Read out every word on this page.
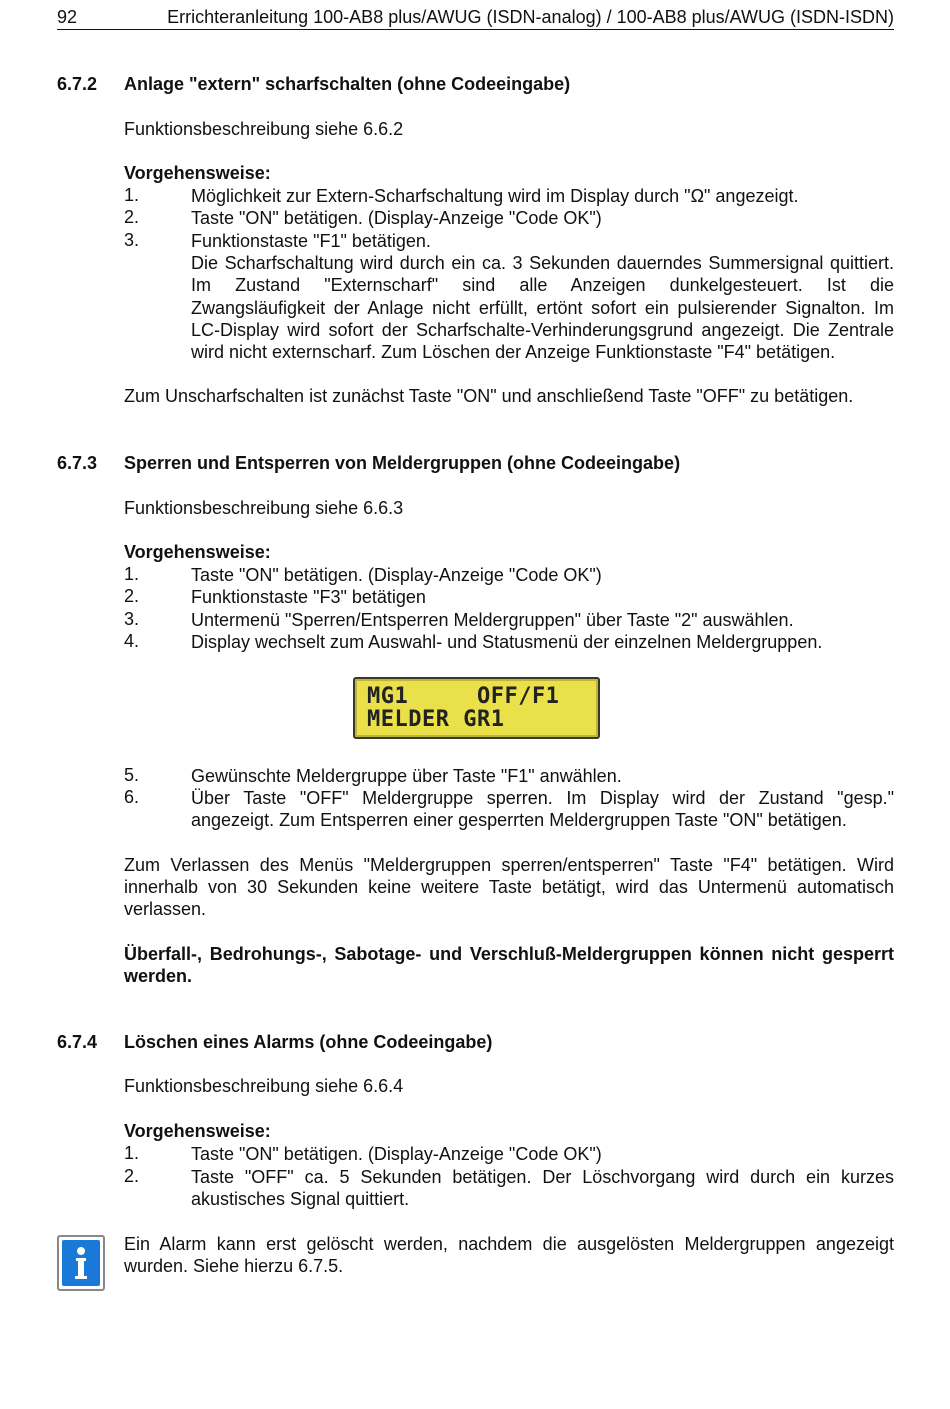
92	Errichteranleitung 100-AB8 plus/AWUG (ISDN-analog) / 100-AB8 plus/AWUG (ISDN-ISDN)
6.7.2 Anlage "extern" scharfschalten (ohne Codeeingabe)
Funktionsbeschreibung siehe 6.6.2
Vorgehensweise:
1.	Möglichkeit zur Extern-Scharfschaltung wird im Display durch "Ω" angezeigt.
2.	Taste "ON" betätigen. (Display-Anzeige "Code OK")
3.	Funktionstaste "F1" betätigen.
Die Scharfschaltung wird durch ein ca. 3 Sekunden dauerndes Summersignal quittiert.
Im Zustand "Externscharf" sind alle Anzeigen dunkelgesteuert. Ist die
Zwangsläufigkeit der Anlage nicht erfüllt, ertönt sofort ein pulsierender Signalton. Im
LC-Display wird sofort der Scharfschalte-Verhinderungsgrund angezeigt. Die Zentrale
wird nicht externscharf. Zum Löschen der Anzeige Funktionstaste "F4" betätigen.
Zum Unscharfschalten ist zunächst Taste "ON" und anschließend Taste "OFF" zu betätigen.
6.7.3 Sperren und Entsperren von Meldergruppen (ohne Codeeingabe)
Funktionsbeschreibung siehe 6.6.3
Vorgehensweise:
1.	Taste "ON" betätigen. (Display-Anzeige "Code OK")
2.	Funktionstaste "F3" betätigen
3.	Untermenü "Sperren/Entsperren Meldergruppen" über Taste "2" auswählen.
4.	Display wechselt zum Auswahl- und Statusmenü der einzelnen Meldergruppen.
MG1     OFF/F1
MELDER GR1
5.	Gewünschte Meldergruppe über Taste "F1" anwählen.
6.	Über Taste "OFF" Meldergruppe sperren. Im Display wird der Zustand "gesp."
angezeigt. Zum Entsperren einer gesperrten Meldergruppen Taste "ON" betätigen.
Zum Verlassen des Menüs "Meldergruppen sperren/entsperren" Taste "F4" betätigen. Wird
innerhalb von 30 Sekunden keine weitere Taste betätigt, wird das Untermenü automatisch
verlassen.
Überfall-, Bedrohungs-, Sabotage- und Verschluß-Meldergruppen können nicht gesperrt
werden.
6.7.4 Löschen eines Alarms (ohne Codeeingabe)
Funktionsbeschreibung siehe 6.6.4
Vorgehensweise:
1.	Taste "ON" betätigen. (Display-Anzeige "Code OK")
2.	Taste "OFF" ca. 5 Sekunden betätigen. Der Löschvorgang wird durch ein kurzes
akustisches Signal quittiert.
Ein Alarm kann erst gelöscht werden, nachdem die ausgelösten Meldergruppen angezeigt
wurden. Siehe hierzu 6.7.5.
